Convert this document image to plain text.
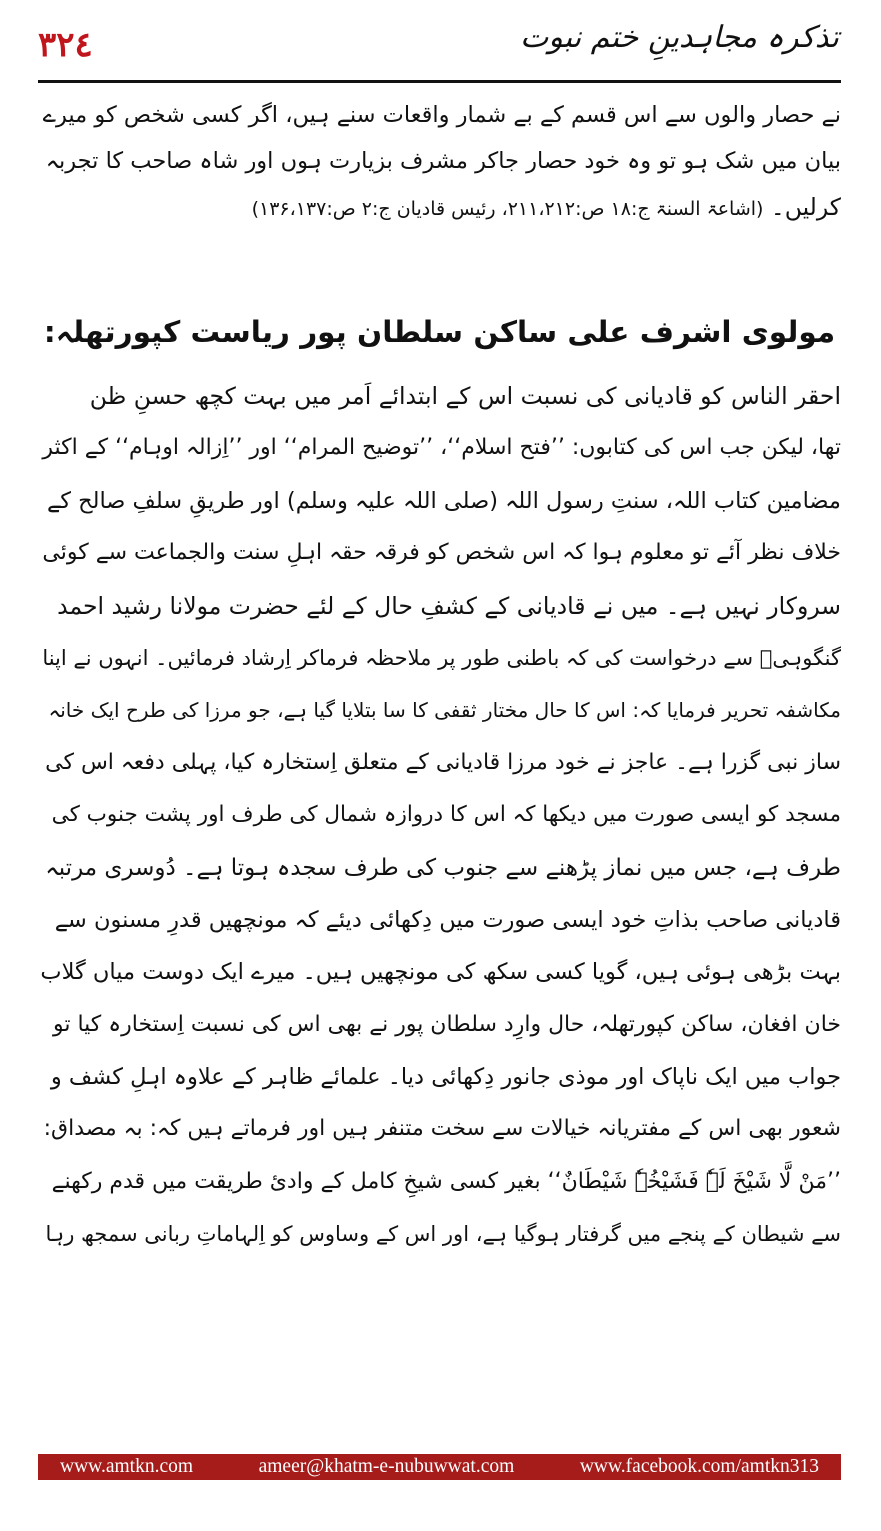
٣٢٤	تذکرہ مجاہدینِ ختم نبوت
نے حصار والوں سے اس قسم کے بے شمار واقعات سنے ہیں، اگر کسی شخص کو میرے
بیان میں شک ہو تو وہ خود حصار جاکر مشرف بزیارت ہوں اور شاہ صاحب کا تجربہ
کرلیں۔ (اشاعۃ السنۃ ج:۱۸ ص:۲۱۱،۲۱۲، رئیس قادیان ج:۲ ص:۱۳۶،۱۳۷)
مولوی اشرف علی ساکن سلطان پور ریاست کپورتھلہ:
احقر الناس کو قادیانی کی نسبت اس کے ابتدائے اَمر میں بہت کچھ حسنِ ظن
تھا، لیکن جب اس کی کتابوں: ’’فتح اسلام‘‘، ’’توضیح المرام‘‘ اور ’’اِزالہ اوہام‘‘ کے اکثر
مضامین کتاب اللہ، سنتِ رسول اللہ (صلی اللہ علیہ وسلم) اور طریقِ سلفِ صالح کے
خلاف نظر آئے تو معلوم ہوا کہ اس شخص کو فرقہ حقہ اہلِ سنت والجماعت سے کوئی
سروکار نہیں ہے۔ میں نے قادیانی کے کشفِ حال کے لئے حضرت مولانا رشید احمد
گنگوہیؒ سے درخواست کی کہ باطنی طور پر ملاحظہ فرماکر اِرشاد فرمائیں۔ انہوں نے اپنا
مکاشفہ تحریر فرمایا کہ: اس کا حال مختار ثقفی کا سا بتلایا گیا ہے، جو مرزا کی طرح ایک خانہ
ساز نبی گزرا ہے۔ عاجز نے خود مرزا قادیانی کے متعلق اِستخارہ کیا، پہلی دفعہ اس کی
مسجد کو ایسی صورت میں دیکھا کہ اس کا دروازہ شمال کی طرف اور پشت جنوب کی
طرف ہے، جس میں نماز پڑھنے سے جنوب کی طرف سجدہ ہوتا ہے۔ دُوسری مرتبہ
قادیانی صاحب بذاتِ خود ایسی صورت میں دِکھائی دیئے کہ مونچھیں قدرِ مسنون سے
بہت بڑھی ہوئی ہیں، گویا کسی سکھ کی مونچھیں ہیں۔ میرے ایک دوست میاں گلاب
خان افغان، ساکن کپورتھلہ، حال وارِد سلطان پور نے بھی اس کی نسبت اِستخارہ کیا تو
جواب میں ایک ناپاک اور موذی جانور دِکھائی دیا۔ علمائے ظاہر کے علاوہ اہلِ کشف و
شعور بھی اس کے مفتریانہ خیالات سے سخت متنفر ہیں اور فرماتے ہیں کہ: بہ مصداق:
’’مَنْ لَّا شَیْخَ لَہٗ فَشَیْخُہٗ شَیْطَانٌ‘‘ بغیر کسی شیخِ کامل کے وادیٔ طریقت میں قدم رکھنے
سے شیطان کے پنجے میں گرفتار ہوگیا ہے، اور اس کے وساوس کو اِلہاماتِ ربانی سمجھ رہا
www.amtkn.com	ameer@khatm-e-nubuwwat.com	www.facebook.com/amtkn313
